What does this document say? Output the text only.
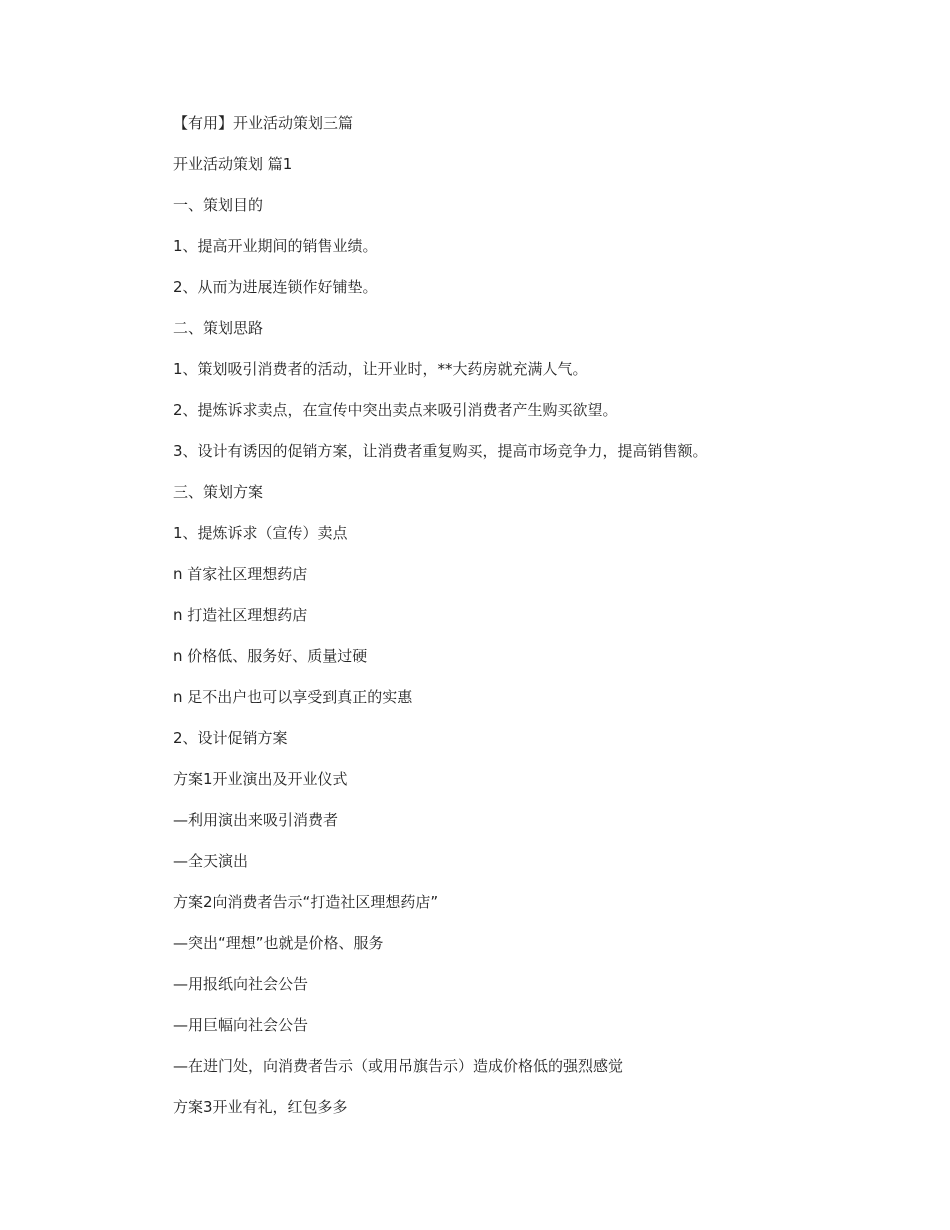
【有用】开业活动策划三篇

开业活动策划 篇1

一、策划目的

1、提高开业期间的销售业绩。

2、从而为进展连锁作好铺垫。

二、策划思路

1、策划吸引消费者的活动，让开业时，**大药房就充满人气。

2、提炼诉求卖点，在宣传中突出卖点来吸引消费者产生购买欲望。

3、设计有诱因的促销方案，让消费者重复购买，提高市场竞争力，提高销售额。

三、策划方案

1、提炼诉求（宣传）卖点

n 首家社区理想药店

n 打造社区理想药店

n 价格低、服务好、质量过硬

n 足不出户也可以享受到真正的实惠

2、设计促销方案

方案1开业演出及开业仪式

—利用演出来吸引消费者

—全天演出

方案2向消费者告示“打造社区理想药店”

—突出“理想”也就是价格、服务

—用报纸向社会公告

—用巨幅向社会公告

—在进门处，向消费者告示（或用吊旗告示）造成价格低的强烈感觉

方案3开业有礼，红包多多
